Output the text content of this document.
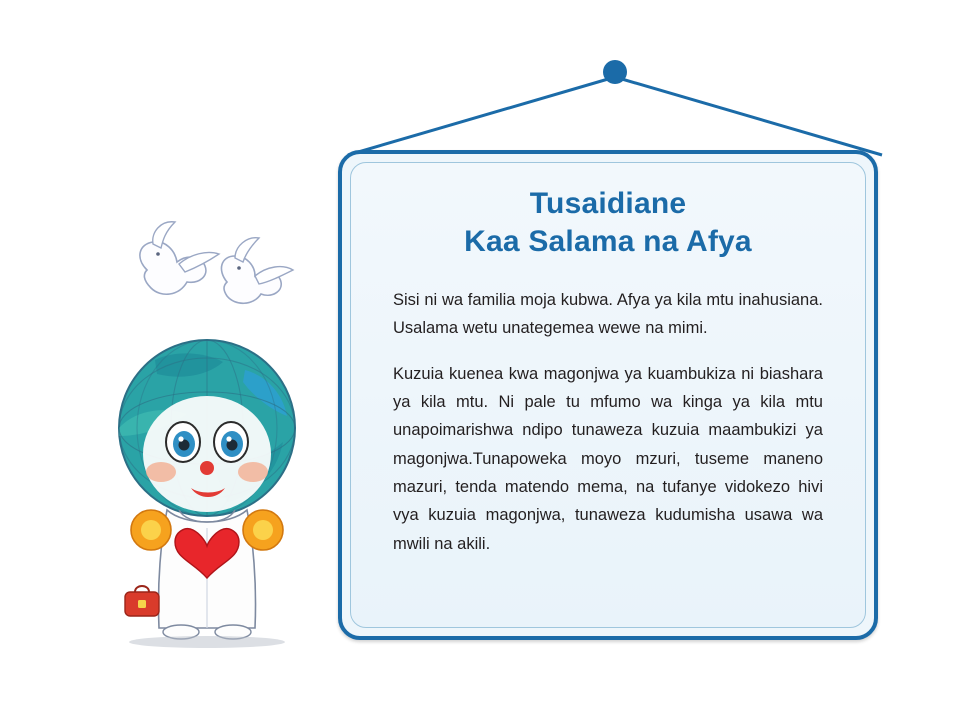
Tusaidiane
Kaa Salama na Afya

Sisi ni wa familia moja kubwa. Afya ya kila mtu inahusiana. Usalama wetu unategemea wewe na mimi.

Kuzuia kuenea kwa magonjwa ya kuambukiza ni biashara ya kila mtu. Ni pale tu mfumo wa kinga ya kila mtu unapoimarishwa ndipo tunaweza kuzuia maambukizi ya magonjwa.Tunapoweka moyo mzuri, tuseme maneno mazuri, tenda matendo mema, na tufanye vidokezo hivi vya kuzuia magonjwa, tunaweza kudumisha usawa wa mwili na akili.
